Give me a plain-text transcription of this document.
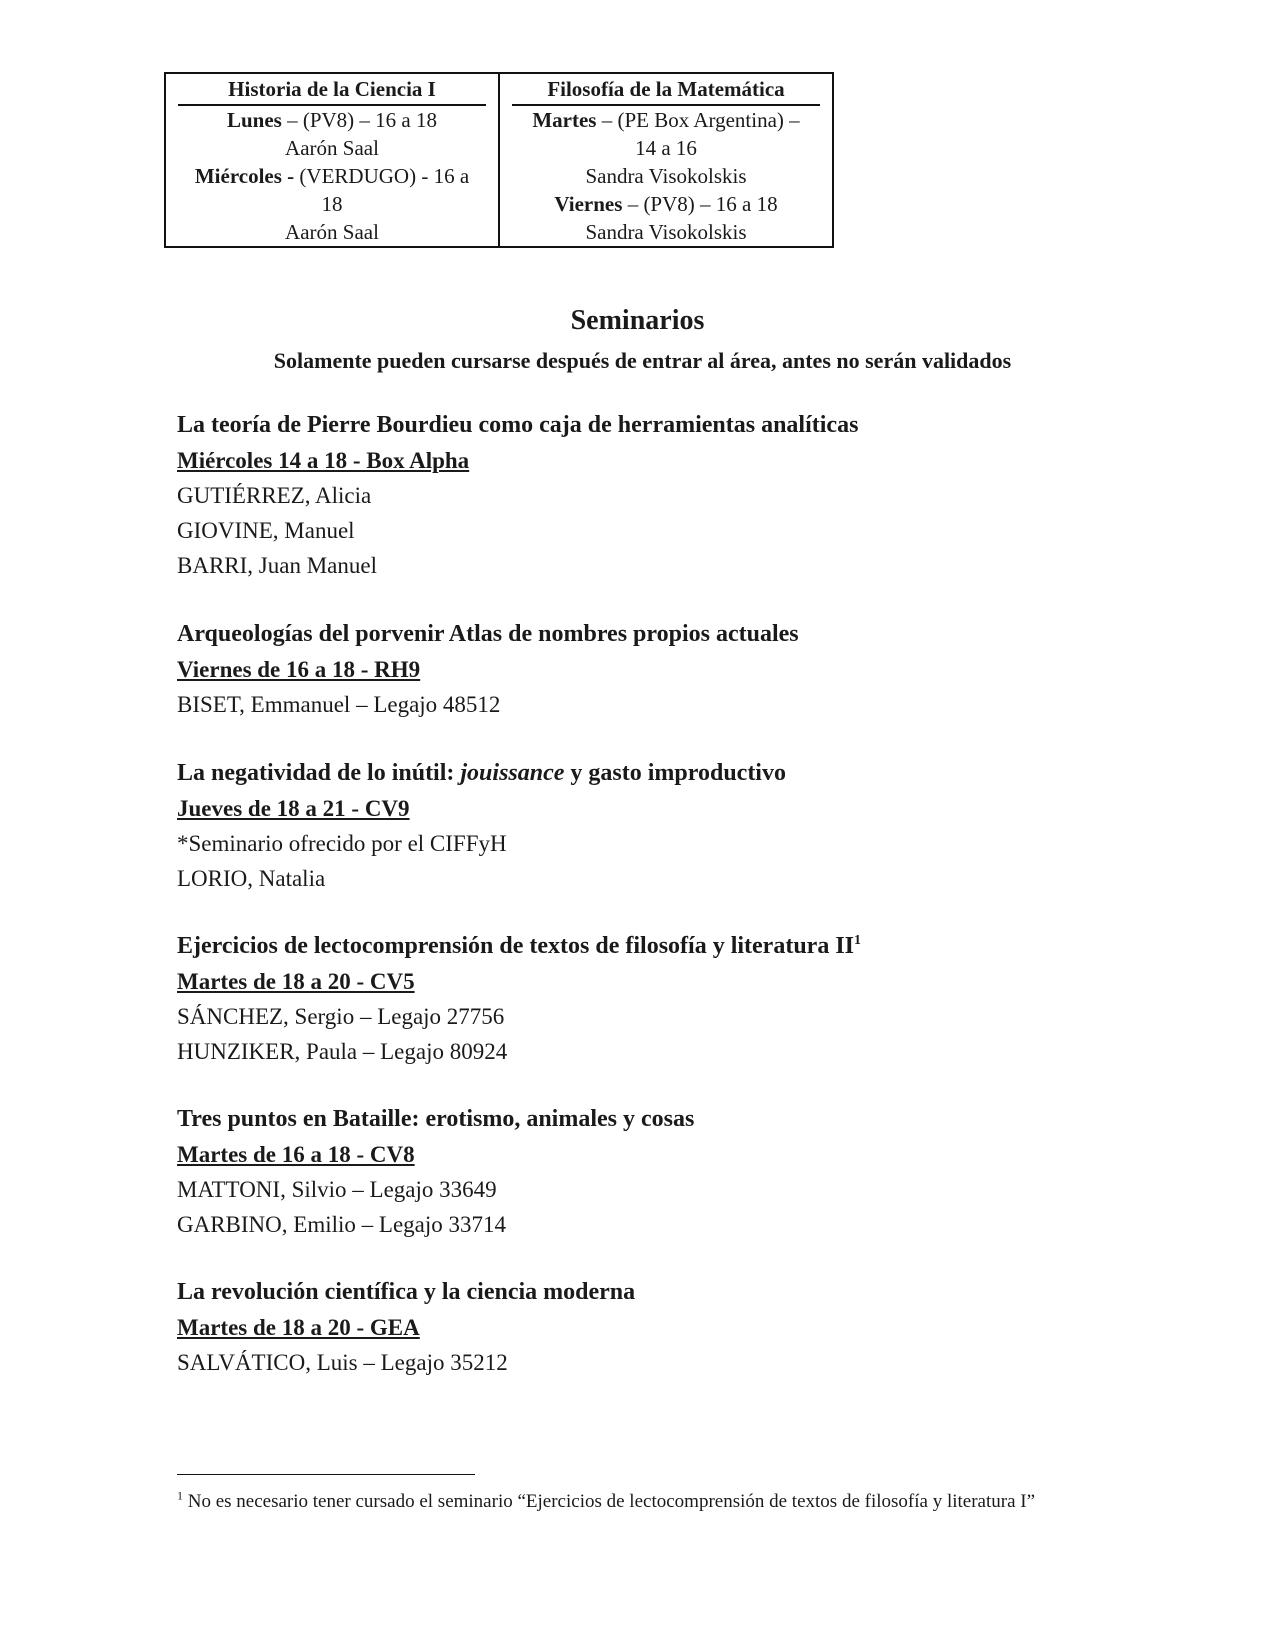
Historia de la Ciencia I
Lunes – (PV8) – 16 a 18
Aarón Saal
Miércoles - (VERDUGO) - 16 a
18
Aarón Saal
Filosofía de la Matemática
Martes – (PE Box Argentina) –
14 a 16
Sandra Visokolskis
Viernes – (PV8) – 16 a 18
Sandra Visokolskis
Seminarios
Solamente pueden cursarse después de entrar al área, antes no serán validados
La teoría de Pierre Bourdieu como caja de herramientas analíticas
Miércoles 14 a 18 - Box Alpha
GUTIÉRREZ, Alicia
GIOVINE, Manuel
BARRI, Juan Manuel
Arqueologías del porvenir Atlas de nombres propios actuales
Viernes de 16 a 18 - RH9
BISET, Emmanuel – Legajo 48512
La negatividad de lo inútil: jouissance y gasto improductivo
Jueves de 18 a 21 - CV9
*Seminario ofrecido por el CIFFyH
LORIO, Natalia
Ejercicios de lectocomprensión de textos de filosofía y literatura $II^1$
Martes de 18 a 20 - CV5
SÁNCHEZ, Sergio – Legajo 27756
HUNZIKER, Paula – Legajo 80924
Tres puntos en Bataille: erotismo, animales y cosas
Martes de 16 a 18 - CV8
MATTONI, Silvio – Legajo 33649
GARBINO, Emilio – Legajo 33714
La revolución científica y la ciencia moderna
Martes de 18 a 20 - GEA
SALVÁTICO, Luis – Legajo 35212
$^1$ No es necesario tener cursado el seminario “Ejercicios de lectocomprensión de textos de filosofía y literatura I”
